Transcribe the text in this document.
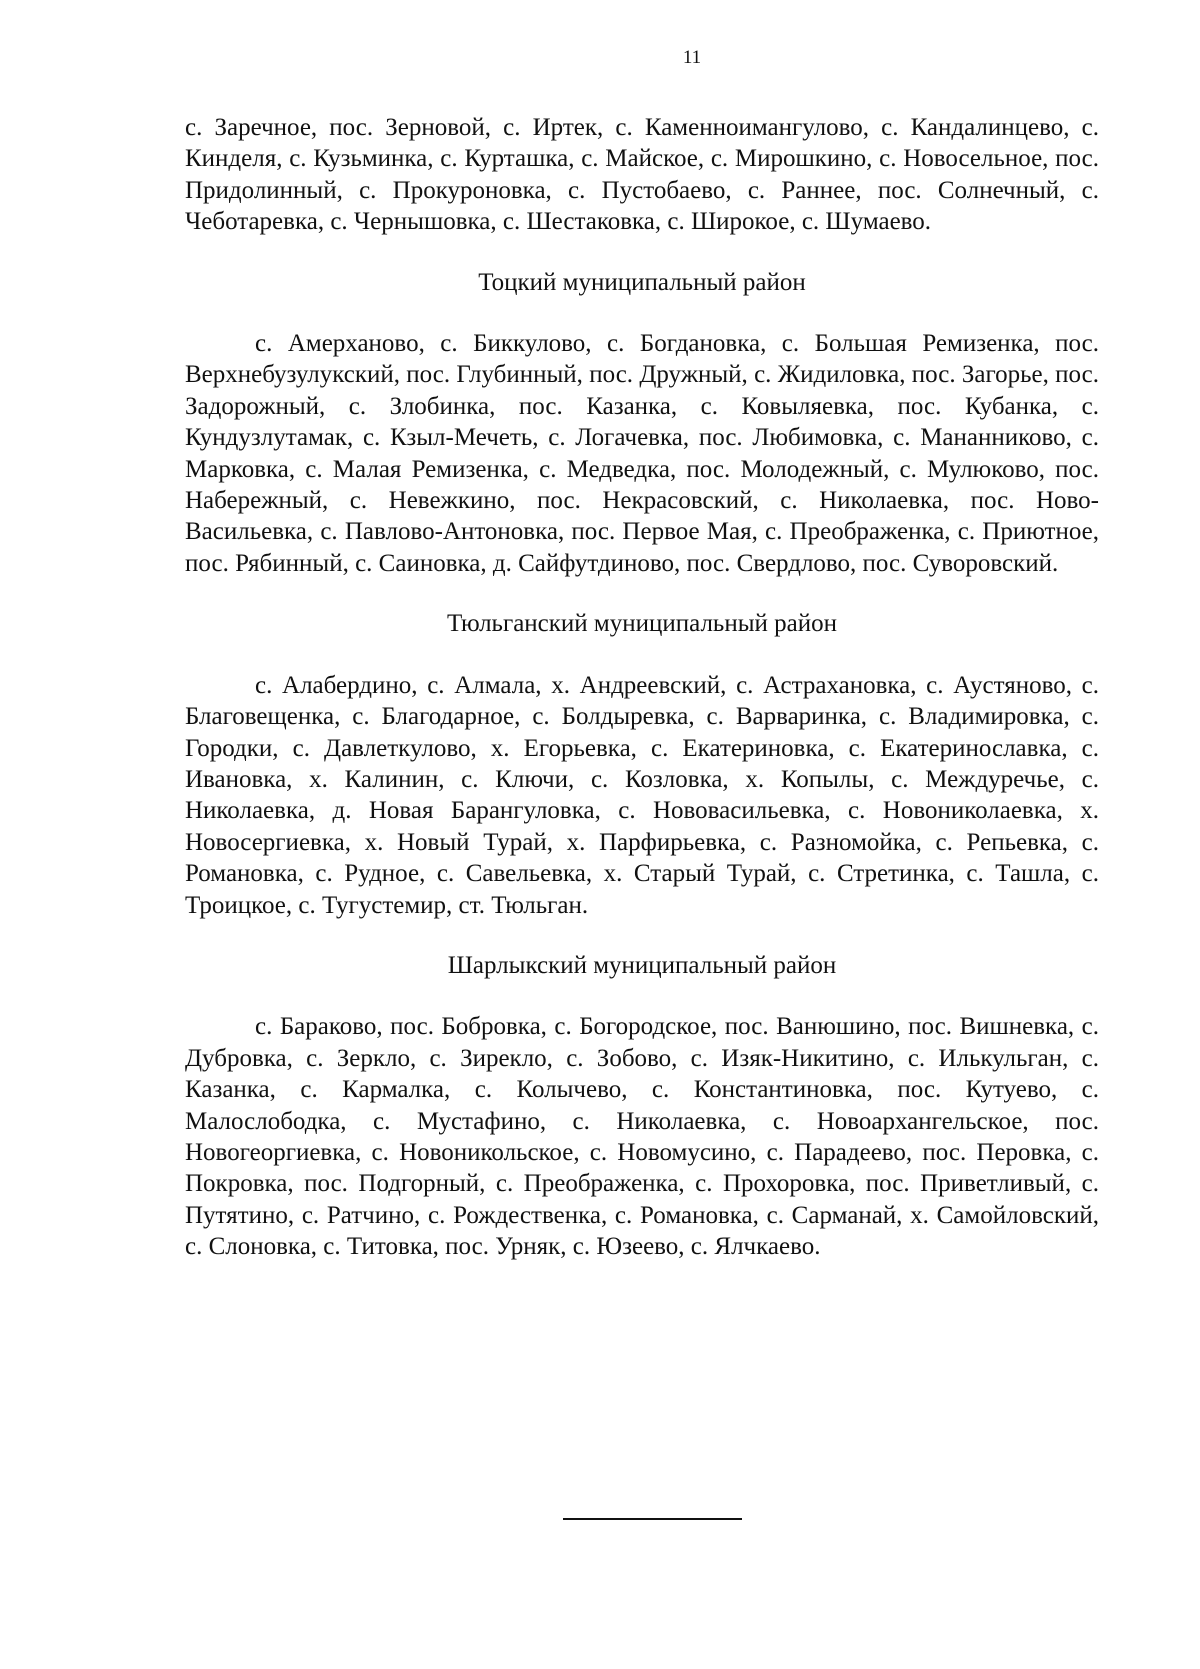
11

с. Заречное, пос. Зерновой, с. Иртек, с. Каменноимангулово, с. Кандалинцево, с. Кинделя, с. Кузьминка, с. Курташка, с. Майское, с. Мирошкино, с. Новосельное, пос. Придолинный, с. Прокуроновка, с. Пустобаево, с. Раннее, пос. Солнечный, с. Чеботаревка, с. Чернышовка, с. Шестаковка, с. Широкое, с. Шумаево.

Тоцкий муниципальный район

с. Амерханово, с. Биккулово, с. Богдановка, с. Большая Ремизенка, пос. Верхнебузулукский, пос. Глубинный, пос. Дружный, с. Жидиловка, пос. Загорье, пос. Задорожный, с. Злобинка, пос. Казанка, с. Ковыляевка, пос. Кубанка, с. Кундузлутамак, с. Кзыл-Мечеть, с. Логачевка, пос. Любимовка, с. Мананниково, с. Марковка, с. Малая Ремизенка, с. Медведка, пос. Молодежный, с. Мулюково, пос. Набережный, с. Невежкино, пос. Некрасовский, с. Николаевка, пос. Ново-Васильевка, с. Павлово-Антоновка, пос. Первое Мая, с. Преображенка, с. Приютное, пос. Рябинный, с. Саиновка, д. Сайфутдиново, пос. Свердлово, пос. Суворовский.

Тюльганский муниципальный район

с. Алабердино, с. Алмала, х. Андреевский, с. Астрахановка, с. Аустяново, с. Благовещенка, с. Благодарное, с. Болдыревка, с. Варваринка, с. Владимировка, с. Городки, с. Давлеткулово, х. Егорьевка, с. Екатериновка, с. Екатеринославка, с. Ивановка, х. Калинин, с. Ключи, с. Козловка, х. Копылы, с. Междуречье, с. Николаевка, д. Новая Барангуловка, с. Нововасильевка, с. Новониколаевка, х. Новосергиевка, х. Новый Турай, х. Парфирьевка, с. Разномойка, с. Репьевка, с. Романовка, с. Рудное, с. Савельевка, х. Старый Турай, с. Стретинка, с. Ташла, с. Троицкое, с. Тугустемир, ст. Тюльган.

Шарлыкский муниципальный район

с. Бараково, пос. Бобровка, с. Богородское, пос. Ванюшино, пос. Вишневка, с. Дубровка, с. Зеркло, с. Зирекло, с. Зобово, с. Изяк-Никитино, с. Илькульган, с. Казанка, с. Кармалка, с. Колычево, с. Константиновка, пос. Кутуево, с. Малослободка, с. Мустафино, с. Николаевка, с. Новоархангельское, пос. Новогеоргиевка, с. Новоникольское, с. Новомусино, с. Парадеево, пос. Перовка, с. Покровка, пос. Подгорный, с. Преображенка, с. Прохоровка, пос. Приветливый, с. Путятино, с. Ратчино, с. Рождественка, с. Романовка, с. Сарманай, х. Самойловский, с. Слоновка, с. Титовка, пос. Урняк, с. Юзеево, с. Ялчкаево.
